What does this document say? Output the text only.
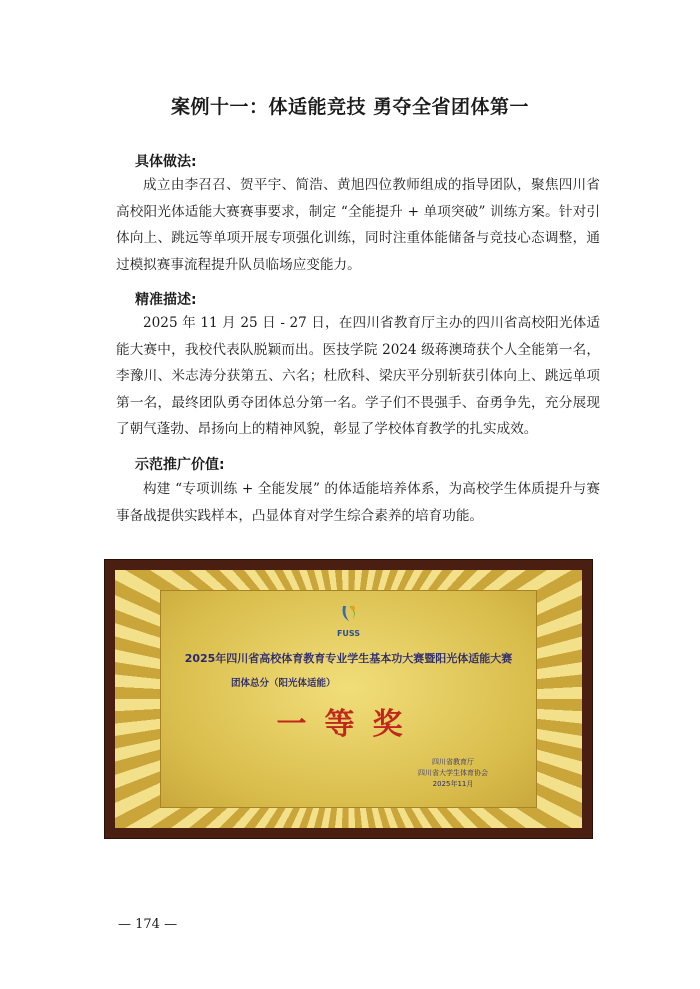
案例十一：体适能竞技 勇夺全省团体第一
具体做法:
成立由李召召、贺平宇、简浩、黄旭四位教师组成的指导团队，聚焦四川省高校阳光体适能大赛赛事要求，制定 “全能提升 + 单项突破” 训练方案。针对引体向上、跳远等单项开展专项强化训练，同时注重体能储备与竞技心态调整，通过模拟赛事流程提升队员临场应变能力。
精准描述:
2025 年 11 月 25 日 - 27 日，在四川省教育厅主办的四川省高校阳光体适能大赛中，我校代表队脱颖而出。医技学院 2024 级蒋澳琦获个人全能第一名，李豫川、米志涛分获第五、六名；杜欣科、梁庆平分别斩获引体向上、跳远单项第一名，最终团队勇夺团体总分第一名。学子们不畏强手、奋勇争先，充分展现了朝气蓬勃、昂扬向上的精神风貌，彰显了学校体育教学的扎实成效。
示范推广价值:
构建 “专项训练 + 全能发展” 的体适能培养体系，为高校学生体质提升与赛事备战提供实践样本，凸显体育对学生综合素养的培育功能。
FUSS
2025年四川省高校体育教育专业学生基本功大赛暨阳光体适能大赛
团体总分（阳光体适能）
一等奖
四川省教育厅
四川省大学生体育协会
2025年11月
— 174 —
